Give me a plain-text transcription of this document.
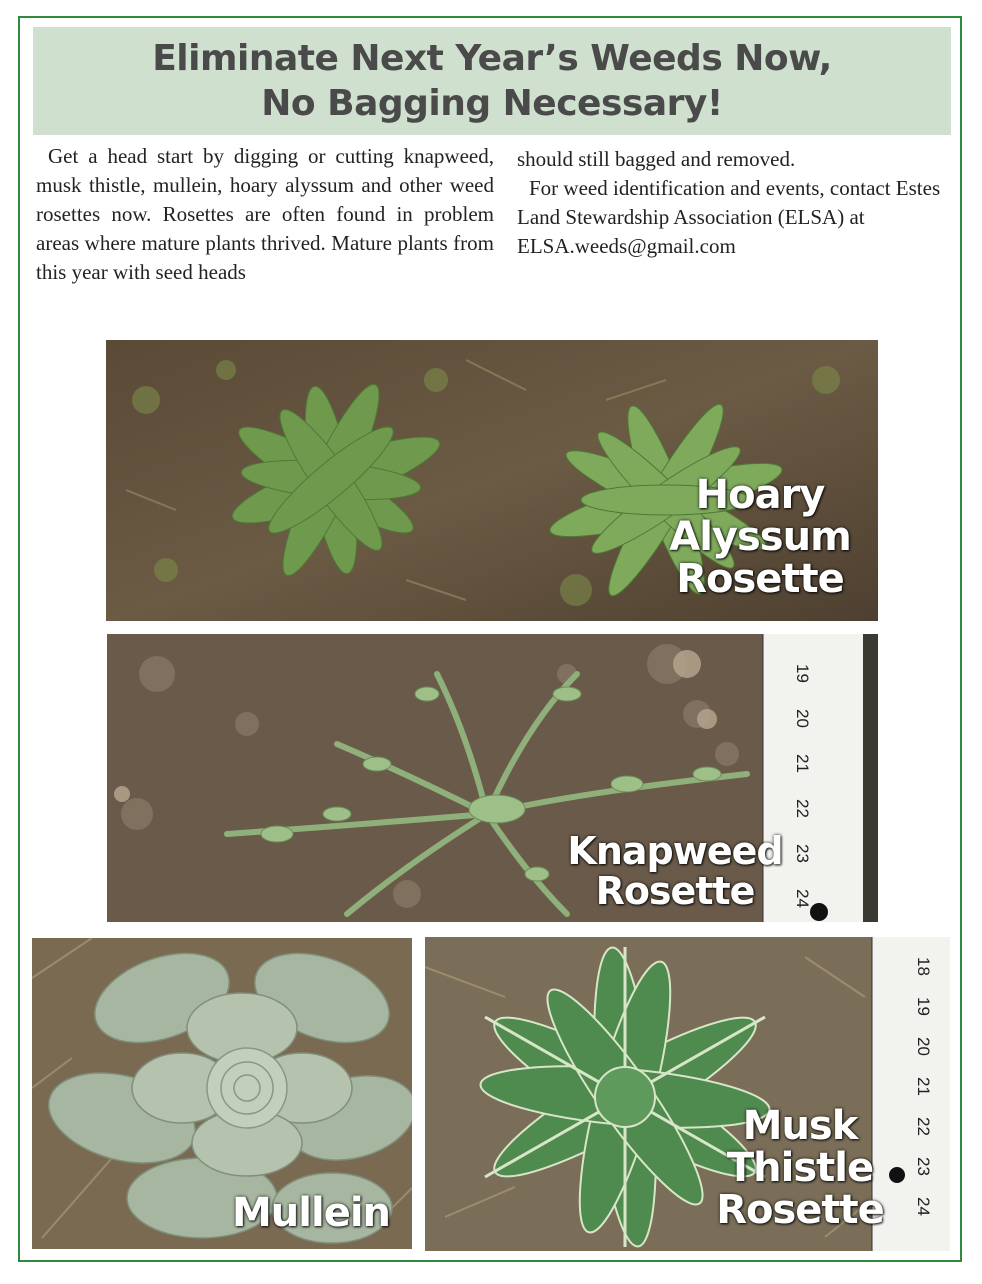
Eliminate Next Year’s Weeds Now,
No Bagging Necessary!
Get a head start by digging or cutting knapweed, musk thistle, mullein, hoary alyssum and other weed rosettes now. Rosettes are often found in problem areas where mature plants thrived. Mature plants from this year with seed heads
should still bagged and removed.
For weed identification and events, contact Estes Land Stewardship Association (ELSA) at ELSA.weeds@gmail.com
Hoary
Alyssum
Rosette
19
20
21
22
23
24
Knapweed
Rosette
Mullein
18
19
20
21
22
23
24
Musk
Thistle
Rosette
